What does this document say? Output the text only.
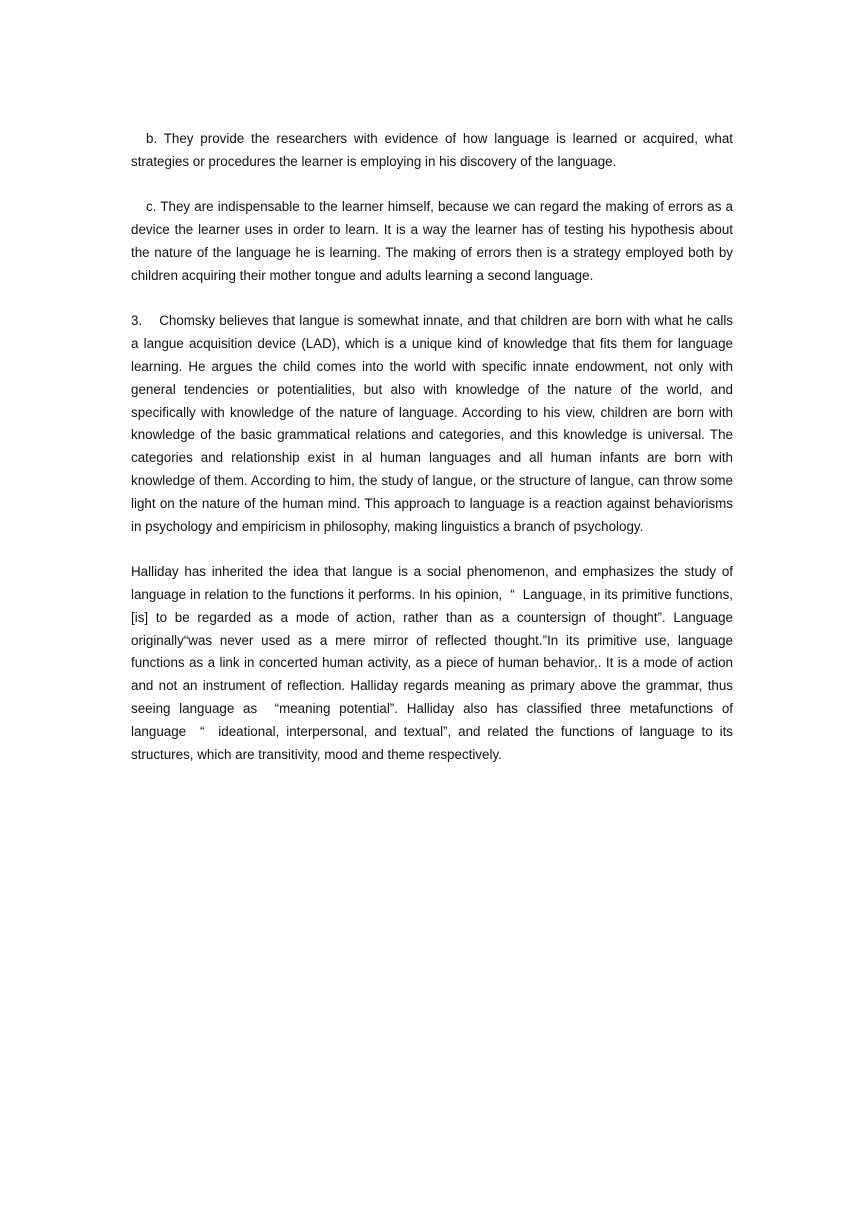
b. They provide the researchers with evidence of how language is learned or acquired, what strategies or procedures the learner is employing in his discovery of the language.

c. They are indispensable to the learner himself, because we can regard the making of errors as a device the learner uses in order to learn. It is a way the learner has of testing his hypothesis about the nature of the language he is learning. The making of errors then is a strategy employed both by children acquiring their mother tongue and adults learning a second language.

3.    Chomsky believes that langue is somewhat innate, and that children are born with what he calls a langue acquisition device (LAD), which is a unique kind of knowledge that fits them for language learning. He argues the child comes into the world with specific innate endowment, not only with general tendencies or potentialities, but also with knowledge of the nature of the world, and specifically with knowledge of the nature of language. According to his view, children are born with knowledge of the basic grammatical relations and categories, and this knowledge is universal. The categories and relationship exist in al human languages and all human infants are born with knowledge of them. According to him, the study of langue, or the structure of langue, can throw some light on the nature of the human mind. This approach to language is a reaction against behaviorisms in psychology and empiricism in philosophy, making linguistics a branch of psychology.

Halliday has inherited the idea that langue is a social phenomenon, and emphasizes the study of language in relation to the functions it performs. In his opinion,  “  Language, in its primitive functions, [is] to be regarded as a mode of action, rather than as a countersign of thought”. Language originally“was never used as a mere mirror of reflected thought.”In its primitive use, language functions as a link in concerted human activity, as a piece of human behavior,. It is a mode of action and not an instrument of reflection. Halliday regards meaning as primary above the grammar, thus seeing language as  “meaning potential”. Halliday also has classified three metafunctions of language  “  ideational, interpersonal, and textual”, and related the functions of language to its structures, which are transitivity, mood and theme respectively.
